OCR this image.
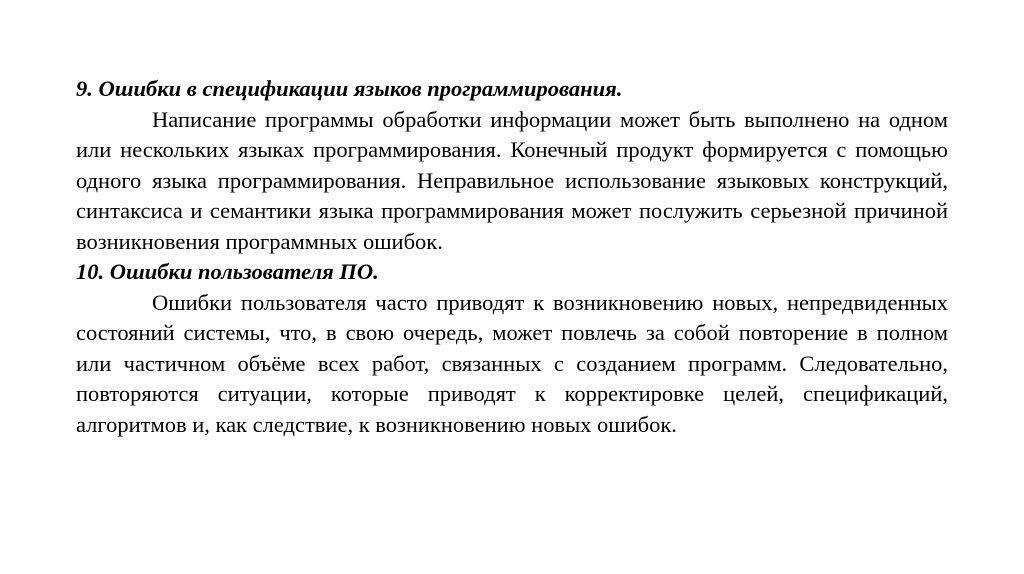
9. Ошибки в спецификации языков программирования.

Написание программы обработки информации может быть выполнено на одном или нескольких языках программирования. Конечный продукт формируется с помощью одного языка программирования. Неправильное использование языковых конструкций, синтаксиса и семантики языка программирования может послужить серьезной причиной возникновения программных ошибок.

10. Ошибки пользователя ПО.

Ошибки пользователя часто приводят к возникновению новых, непредвиденных состояний системы, что, в свою очередь, может повлечь за собой повторение в полном или частичном объёме всех работ, связанных с созданием программ. Следовательно, повторяются ситуации, которые приводят к корректировке целей, спецификаций, алгоритмов и, как следствие, к возникновению новых ошибок.
